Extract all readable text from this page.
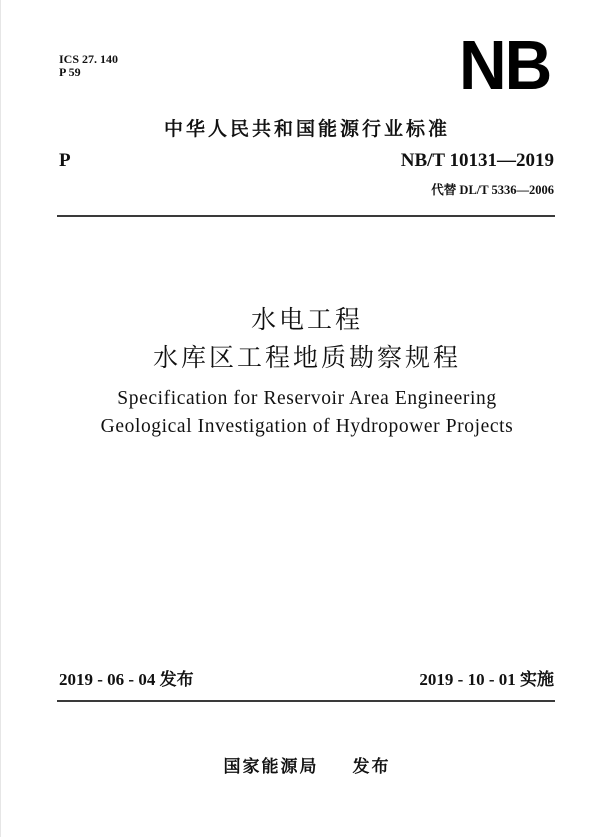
ICS 27. 140
P 59	NB
中华人民共和国能源行业标准
P	NB/T 10131—2019
代替 DL/T 5336—2006
水电工程
水库区工程地质勘察规程
Specification for Reservoir Area Engineering
Geological Investigation of Hydropower Projects
2019 - 06 - 04 发布	2019 - 10 - 01 实施
国家能源局 发布
